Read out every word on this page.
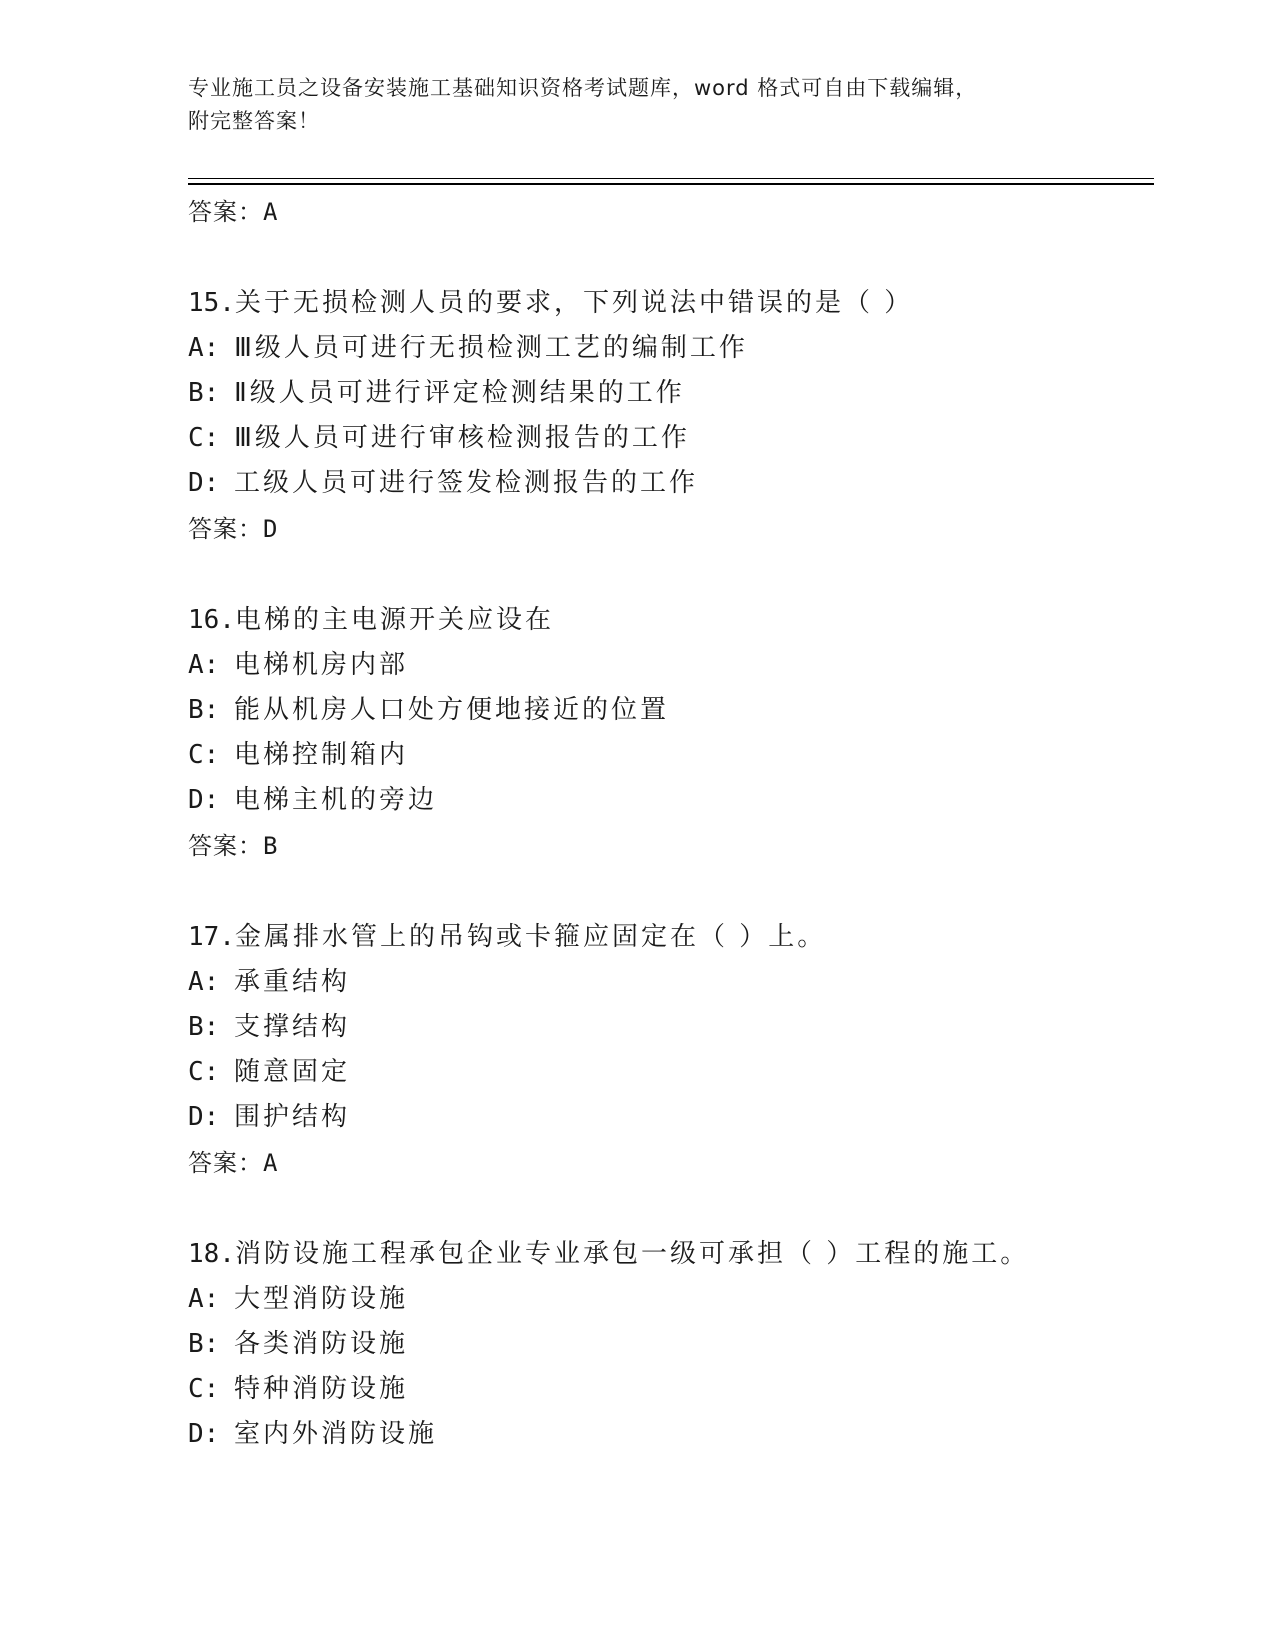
专业施工员之设备安装施工基础知识资格考试题库，word 格式可自由下载编辑，
附完整答案！
答案：A
15.关于无损检测人员的要求，下列说法中错误的是（ ）
A: Ⅲ级人员可进行无损检测工艺的编制工作
B: Ⅱ级人员可进行评定检测结果的工作
C: Ⅲ级人员可进行审核检测报告的工作
D: 工级人员可进行签发检测报告的工作
答案：D
16.电梯的主电源开关应设在
A: 电梯机房内部
B: 能从机房人口处方便地接近的位置
C: 电梯控制箱内
D: 电梯主机的旁边
答案：B
17.金属排水管上的吊钩或卡箍应固定在（ ）上。
A: 承重结构
B: 支撑结构
C: 随意固定
D: 围护结构
答案：A
18.消防设施工程承包企业专业承包一级可承担（ ）工程的施工。
A: 大型消防设施
B: 各类消防设施
C: 特种消防设施
D: 室内外消防设施
